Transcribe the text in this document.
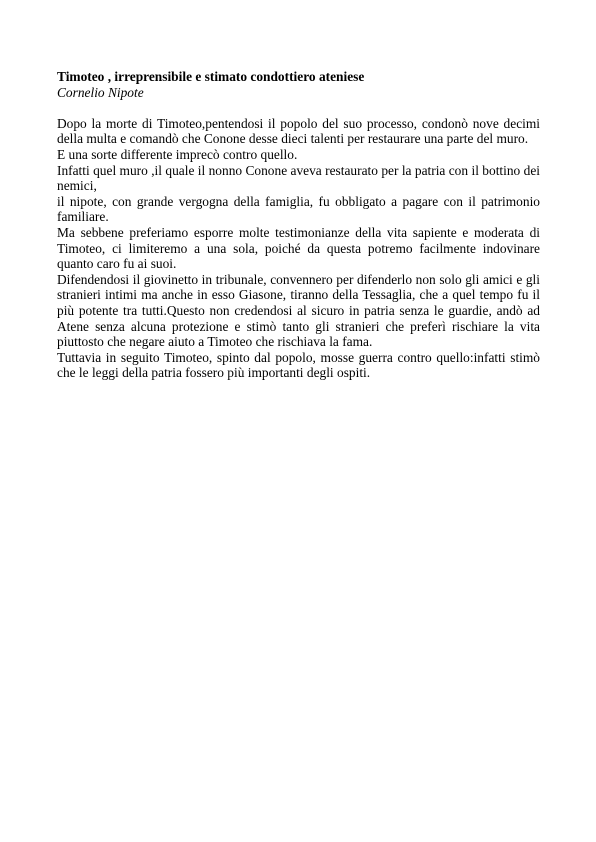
Timoteo , irreprensibile e stimato condottiero ateniese

Cornelio Nipote

Dopo la morte di Timoteo,pentendosi il popolo del suo processo, condonò nove decimi della multa e comandò che Conone desse dieci talenti per restaurare una parte del muro.

E una sorte differente imprecò contro quello.

Infatti quel muro ,il quale il nonno Conone aveva restaurato per la patria con il bottino dei nemici,

il nipote, con grande vergogna della famiglia, fu obbligato a pagare con il patrimonio familiare.

Ma sebbene preferiamo esporre molte testimonianze della vita sapiente e moderata di Timoteo, ci limiteremo a una sola, poiché da questa potremo facilmente indovinare quanto caro fu ai suoi.

Difendendosi il giovinetto in tribunale, convennero per difenderlo non solo gli amici e gli stranieri intimi ma anche in esso Giasone, tiranno della Tessaglia, che a quel tempo fu il più potente tra tutti.Questo non credendosi al sicuro in patria senza le guardie, andò ad Atene senza alcuna protezione e stimò tanto gli stranieri che preferì rischiare la vita piuttosto che negare aiuto a Timoteo che rischiava la fama.

Tuttavia in seguito Timoteo, spinto dal popolo, mosse guerra contro quello:infatti stimò che le leggi della patria fossero più importanti degli ospiti.
